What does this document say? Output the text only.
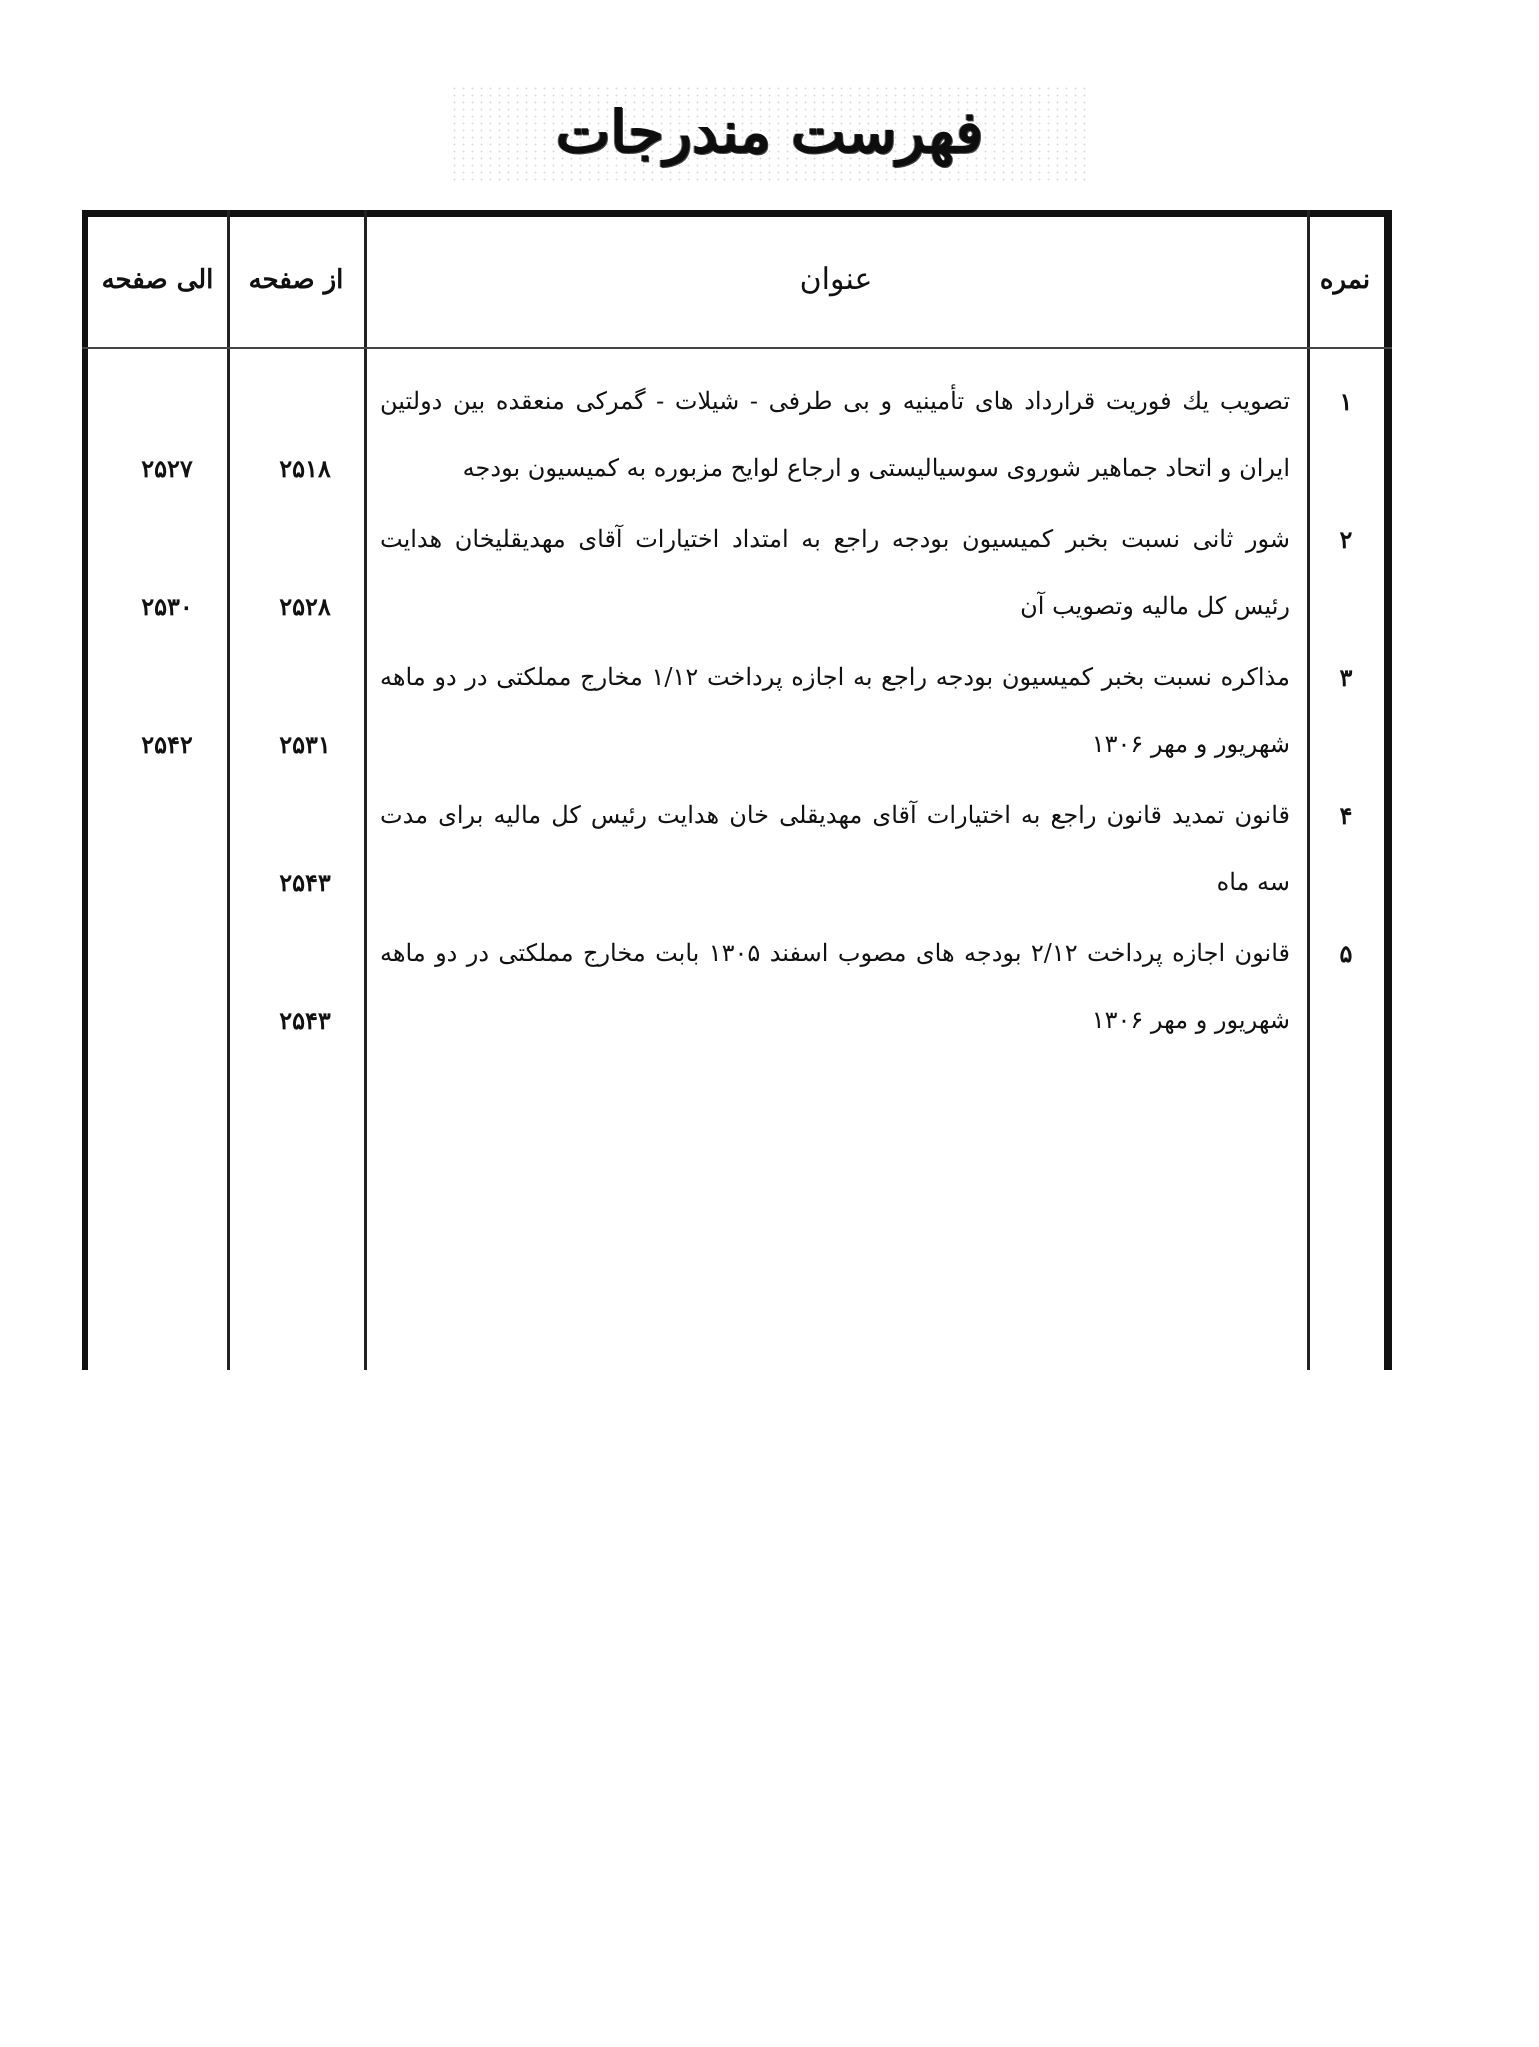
فهرست مندرجات
نمره
عنوان
از صفحه
الی صفحه
۱
تصویب یك فوریت قرارداد های تأمینیه و بی طرفی - شیلات - گمرکی منعقده بین دولتین ایران و اتحاد جماهیر شوروی سوسیالیستی و ارجاع لوایح مزبوره به کمیسیون بودجه
۲۵۱۸
۲۵۲۷
۲
شور ثانی نسبت بخبر کمیسیون بودجه راجع به امتداد اختیارات آقای مهدیقلیخان هدایت رئیس کل مالیه وتصویب آن
۲۵۲۸
۲۵۳۰
۳
مذاکره نسبت بخبر کمیسیون بودجه راجع به اجازه پرداخت ۱/۱۲ مخارج مملکتی در دو ماهه شهریور و مهر ۱۳۰۶
۲۵۳۱
۲۵۴۲
۴
قانون تمدید قانون راجع به اختیارات آقای مهدیقلی خان هدایت رئیس کل مالیه برای مدت سه ماه
۲۵۴۳
۵
قانون اجازه پرداخت ۲/۱۲ بودجه های مصوب اسفند ۱۳۰۵ بابت مخارج مملکتی در دو ماهه شهریور و مهر ۱۳۰۶
۲۵۴۳
